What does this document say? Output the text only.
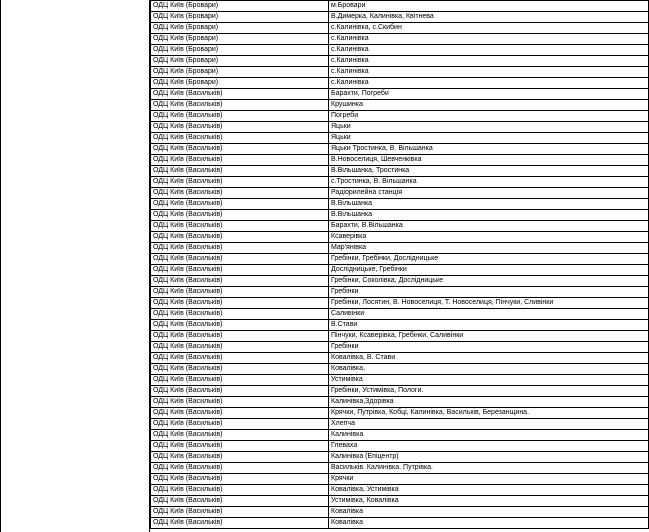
ОДЦ Київ (Бровари)	м.Бровари
ОДЦ Київ (Бровари)	В.Димерка, Калинівка, Квітнева
ОДЦ Київ (Бровари)	с.Калинівка, с.Скибин
ОДЦ Київ (Бровари)	с.Калинівка
ОДЦ Київ (Бровари)	с.Калинівка
ОДЦ Київ (Бровари)	с.Калинівка
ОДЦ Київ (Бровари)	с.Калинівка
ОДЦ Київ (Бровари)	с.Калинівка
ОДЦ Київ (Васильків)	Барахти, Погреби
ОДЦ Київ (Васильків)	Крушинка
ОДЦ Київ (Васильків)	Погреби
ОДЦ Київ (Васильків)	Яцьки
ОДЦ Київ (Васильків)	Яцьки
ОДЦ Київ (Васильків)	Яцьки Тростинка, В. Вільшанка
ОДЦ Київ (Васильків)	В.Новоселиця, Шевченківка
ОДЦ Київ (Васильків)	В.Вільшанка, Тростинка
ОДЦ Київ (Васильків)	с.Тростинка, В. Вільшанка
ОДЦ Київ (Васильків)	Радіорилейна станція
ОДЦ Київ (Васильків)	В.Вільшанка
ОДЦ Київ (Васильків)	В.Вільшанка
ОДЦ Київ (Васильків)	Барахти, В.Вільшанка
ОДЦ Київ (Васильків)	Ксаверівка
ОДЦ Київ (Васильків)	Мар'янівка
ОДЦ Київ (Васильків)	Гребінки, Гребінки, Дослідницьке
ОДЦ Київ (Васильків)	Дослідницьке, Гребінки
ОДЦ Київ (Васильків)	Гребінки, Соколівка, Дослідницьке
ОДЦ Київ (Васильків)	Гребінки
ОДЦ Київ (Васильків)	Гребінки, Лосятин, В. Новоселиця, Т. Новоселиця, Пінчуки, Сливінки
ОДЦ Київ (Васильків)	Саливінки
ОДЦ Київ (Васильків)	В.Стави
ОДЦ Київ (Васильків)	Пінчуки, Ксаверівка, Гребінки, Саливінки
ОДЦ Київ (Васильків)	Гребінки
ОДЦ Київ (Васильків)	Ковалівка, В. Стави
ОДЦ Київ (Васильків)	Ковалівка,
ОДЦ Київ (Васильків)	Устимівка
ОДЦ Київ (Васильків)	Гребінки, Устимівка, Пологи.
ОДЦ Київ (Васильків)	Калинівка,Здорівка
ОДЦ Київ (Васильків)	Крячки, Путрівка, Кобці, Калинівка, Васильків, Березанщина.
ОДЦ Київ (Васильків)	Хлепча
ОДЦ Київ (Васильків)	Калинівка
ОДЦ Київ (Васильків)	Глеваха
ОДЦ Київ (Васильків)	Калинівка (Епіцентр)
ОДЦ Київ (Васильків)	Васильків. Калинівка. Путрівка.
ОДЦ Київ (Васильків)	Крячки
ОДЦ Київ (Васильків)	Ковалівка, Устимівка
ОДЦ Київ (Васильків)	Устимівка, Ковалівка
ОДЦ Київ (Васильків)	Ковалівка
ОДЦ Київ (Васильків)	Ковалівка
